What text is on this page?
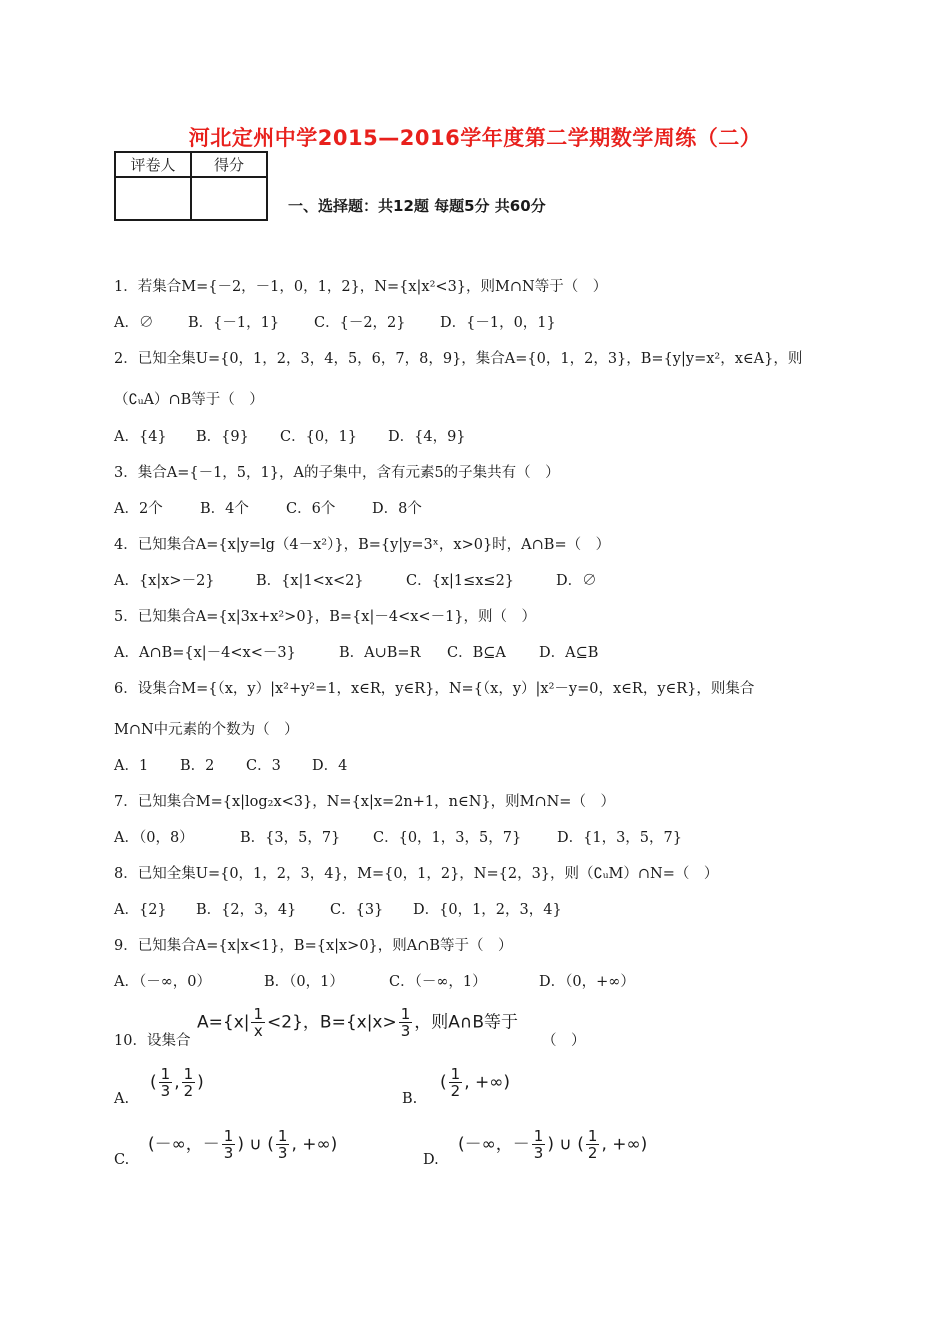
河北定州中学2015—2016学年度第二学期数学周练（二）
评卷人	得分

一、选择题：共12题 每题5分 共60分
1．若集合M={－2，－1，0，1，2}，N={x|x²<3}，则M∩N等于（　）
A．∅ B．{－1，1} C．{－2，2} D．{－1，0，1}
2．已知全集U={0，1，2，3，4，5，6，7，8，9}，集合A={0，1，2，3}，B={y|y=x²，x∈A}，则
（∁ᵤA）∩B等于（　）
A．{4} B．{9} C．{0，1} D．{4，9}
3．集合A={－1，5，1}，A的子集中，含有元素5的子集共有（　）
A．2个	B．4个	C．6个	D．8个
4．已知集合A={x|y=lg（4－x²）}，B={y|y=3ˣ，x>0}时，A∩B=（　）
A．{x|x>－2}	B．{x|1<x<2}	C．{x|1≤x≤2}	D．∅
5．已知集合A={x|3x+x²>0}，B={x|－4<x<－1}，则（　）
A．A∩B={x|－4<x<－3}	B．A∪B=R C．B⊆A D．A⊆B
6．设集合M={（x，y）|x²+y²=1，x∈R，y∈R}，N={（x，y）|x²－y=0，x∈R，y∈R}，则集合
M∩N中元素的个数为（　）
A．1 B．2 C．3 D．4
7．已知集合M={x|log₂x<3}，N={x|x=2n+1，n∈N}，则M∩N=（　）
A．（0，8）	B．{3，5，7} C．{0，1，3，5，7} D．{1，3，5，7}
8．已知全集U={0，1，2，3，4}，M={0，1，2}，N={2，3}，则（∁ᵤM）∩N=（　）
A．{2} B．{2，3，4} C．{3} D．{0，1，2，3，4}
9．已知集合A={x|x<1}，B={x|x>0}，则A∩B等于（　）
A．（－∞，0）	B．（0，1）	C．（－∞，1）	D．（0，+∞）
10．设集合
$A=\{x| \frac{1}{x} <2\}$，$B=\{x|x> \frac{1}{3}$ ，则A∩B等于
（　）
A.
( $\frac{1}{3}$ , $\frac{1}{2}$ )
B.
( $\frac{1}{2}$ , +∞)
C.
(－∞，－ $\frac{1}{3}$ ) ∪ ( $\frac{1}{3}$ , +∞)
D.
(－∞，－ $\frac{1}{3}$ ) ∪ ( $\frac{1}{2}$ , +∞)
